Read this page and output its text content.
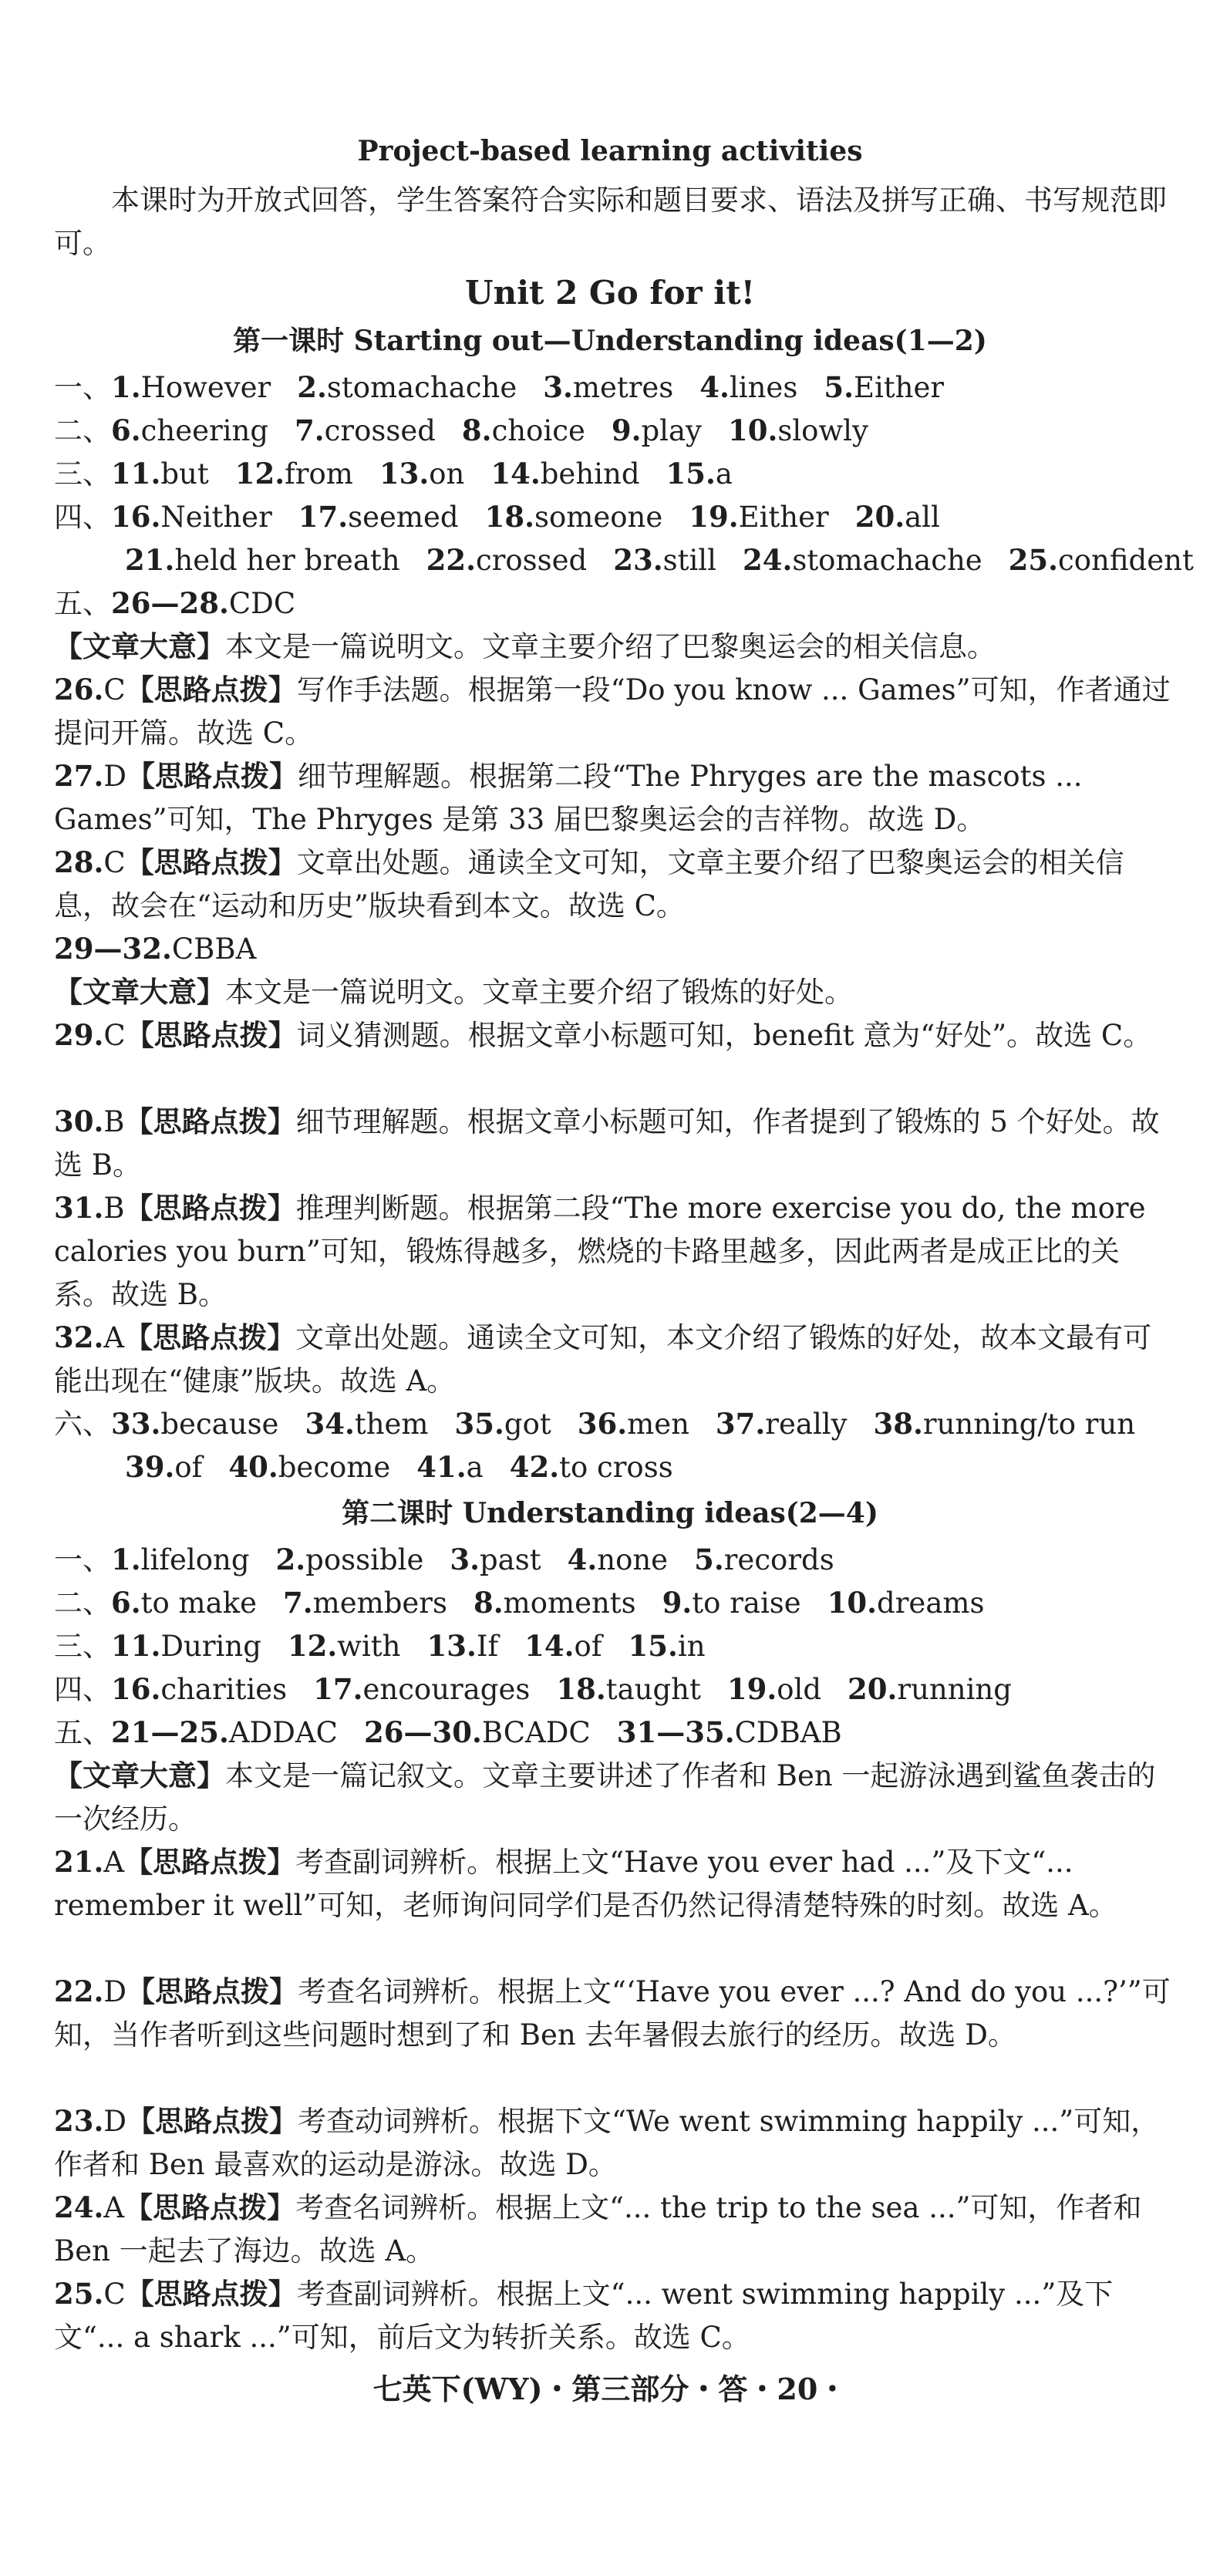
Project-based learning activities
本课时为开放式回答，学生答案符合实际和题目要求、语法及拼写正确、书写规范即可。
Unit 2 Go for it!
第一课时 Starting out—Understanding ideas(1—2)
一、1.However 2.stomachache 3.metres 4.lines 5.Either
二、6.cheering 7.crossed 8.choice 9.play 10.slowly
三、11.but 12.from 13.on 14.behind 15.a
四、16.Neither 17.seemed 18.someone 19.Either 20.all
21.held her breath 22.crossed 23.still 24.stomachache 25.confident
五、26—28.CDC
【文章大意】本文是一篇说明文。文章主要介绍了巴黎奥运会的相关信息。
26.C【思路点拨】写作手法题。根据第一段“Do you know ... Games”可知，作者通过提问开篇。故选 C。
27.D【思路点拨】细节理解题。根据第二段“The Phryges are the mascots ... Games”可知，The Phryges 是第 33 届巴黎奥运会的吉祥物。故选 D。
28.C【思路点拨】文章出处题。通读全文可知，文章主要介绍了巴黎奥运会的相关信息，故会在“运动和历史”版块看到本文。故选 C。
29—32.CBBA
【文章大意】本文是一篇说明文。文章主要介绍了锻炼的好处。
29.C【思路点拨】词义猜测题。根据文章小标题可知，benefit 意为“好处”。故选 C。
30.B【思路点拨】细节理解题。根据文章小标题可知，作者提到了锻炼的 5 个好处。故选 B。
31.B【思路点拨】推理判断题。根据第二段“The more exercise you do, the more calories you burn”可知，锻炼得越多，燃烧的卡路里越多，因此两者是成正比的关系。故选 B。
32.A【思路点拨】文章出处题。通读全文可知，本文介绍了锻炼的好处，故本文最有可能出现在“健康”版块。故选 A。
六、33.because 34.them 35.got 36.men 37.really 38.running/to run
39.of 40.become 41.a 42.to cross
第二课时 Understanding ideas(2—4)
一、1.lifelong 2.possible 3.past 4.none 5.records
二、6.to make 7.members 8.moments 9.to raise 10.dreams
三、11.During 12.with 13.If 14.of 15.in
四、16.charities 17.encourages 18.taught 19.old 20.running
五、21—25.ADDAC 26—30.BCADC 31—35.CDBAB
【文章大意】本文是一篇记叙文。文章主要讲述了作者和 Ben 一起游泳遇到鲨鱼袭击的一次经历。
21.A【思路点拨】考查副词辨析。根据上文“Have you ever had ...”及下文“... remember it well”可知，老师询问同学们是否仍然记得清楚特殊的时刻。故选 A。
22.D【思路点拨】考查名词辨析。根据上文“‘Have you ever ...? And do you ...?’”可知，当作者听到这些问题时想到了和 Ben 去年暑假去旅行的经历。故选 D。
23.D【思路点拨】考查动词辨析。根据下文“We went swimming happily ...”可知，作者和 Ben 最喜欢的运动是游泳。故选 D。
24.A【思路点拨】考查名词辨析。根据上文“... the trip to the sea ...”可知，作者和 Ben 一起去了海边。故选 A。
25.C【思路点拨】考查副词辨析。根据上文“... went swimming happily ...”及下文“... a shark ...”可知，前后文为转折关系。故选 C。
七英下(WY)・第三部分・答・20・
